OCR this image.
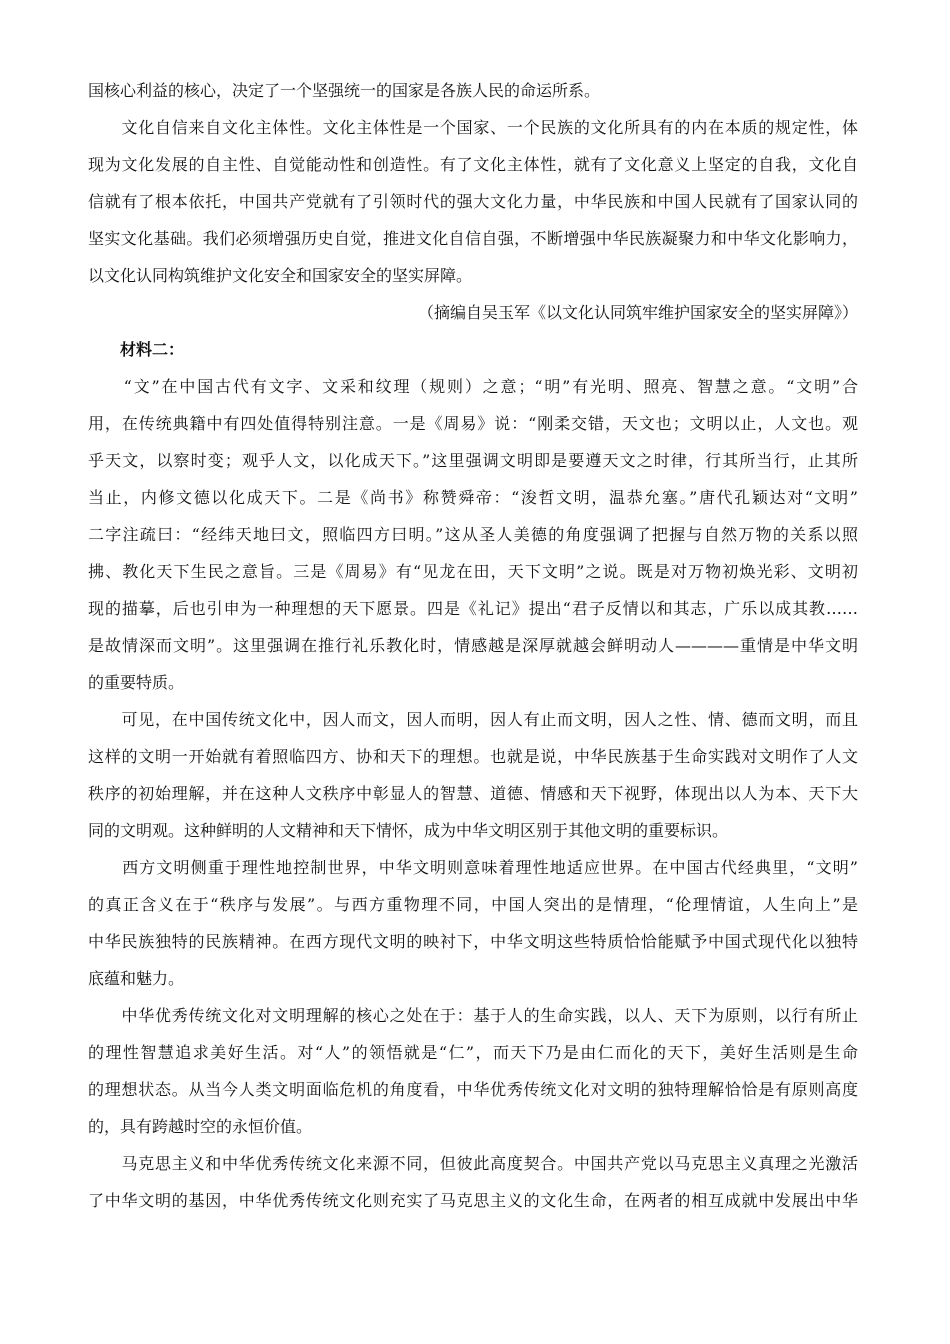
国核心利益的核心，决定了一个坚强统一的国家是各族人民的命运所系。
　　文化自信来自文化主体性。文化主体性是一个国家、一个民族的文化所具有的内在本质的规定性，体
现为文化发展的自主性、自觉能动性和创造性。有了文化主体性，就有了文化意义上坚定的自我，文化自
信就有了根本依托，中国共产党就有了引领时代的强大文化力量，中华民族和中国人民就有了国家认同的
坚实文化基础。我们必须增强历史自觉，推进文化自信自强，不断增强中华民族凝聚力和中华文化影响力，
以文化认同构筑维护文化安全和国家安全的坚实屏障。
（摘编自吴玉军《以文化认同筑牢维护国家安全的坚实屏障》）
　　材料二：
　　“文”在中国古代有文字、文采和纹理（规则）之意；“明”有光明、照亮、智慧之意。“文明”合
用，在传统典籍中有四处值得特别注意。一是《周易》说：“刚柔交错，天文也；文明以止，人文也。观
乎天文，以察时变；观乎人文，以化成天下。”这里强调文明即是要遵天文之时律，行其所当行，止其所
当止，内修文德以化成天下。二是《尚书》称赞舜帝：“浚哲文明，温恭允塞。”唐代孔颖达对“文明”
二字注疏曰：“经纬天地曰文，照临四方曰明。”这从圣人美德的角度强调了把握与自然万物的关系以照
拂、教化天下生民之意旨。三是《周易》有“见龙在田，天下文明”之说。既是对万物初焕光彩、文明初
现的描摹，后也引申为一种理想的天下愿景。四是《礼记》提出“君子反情以和其志，广乐以成其教……
是故情深而文明”。这里强调在推行礼乐教化时，情感越是深厚就越会鲜明动人————重情是中华文明
的重要特质。
　　可见，在中国传统文化中，因人而文，因人而明，因人有止而文明，因人之性、情、德而文明，而且
这样的文明一开始就有着照临四方、协和天下的理想。也就是说，中华民族基于生命实践对文明作了人文
秩序的初始理解，并在这种人文秩序中彰显人的智慧、道德、情感和天下视野，体现出以人为本、天下大
同的文明观。这种鲜明的人文精神和天下情怀，成为中华文明区别于其他文明的重要标识。
　　西方文明侧重于理性地控制世界，中华文明则意味着理性地适应世界。在中国古代经典里，“文明”
的真正含义在于“秩序与发展”。与西方重物理不同，中国人突出的是情理，“伦理情谊，人生向上”是
中华民族独特的民族精神。在西方现代文明的映衬下，中华文明这些特质恰恰能赋予中国式现代化以独特
底蕴和魅力。
　　中华优秀传统文化对文明理解的核心之处在于：基于人的生命实践，以人、天下为原则，以行有所止
的理性智慧追求美好生活。对“人”的领悟就是“仁”，而天下乃是由仁而化的天下，美好生活则是生命
的理想状态。从当今人类文明面临危机的角度看，中华优秀传统文化对文明的独特理解恰恰是有原则高度
的，具有跨越时空的永恒价值。
　　马克思主义和中华优秀传统文化来源不同，但彼此高度契合。中国共产党以马克思主义真理之光激活
了中华文明的基因，中华优秀传统文化则充实了马克思主义的文化生命，在两者的相互成就中发展出中华
